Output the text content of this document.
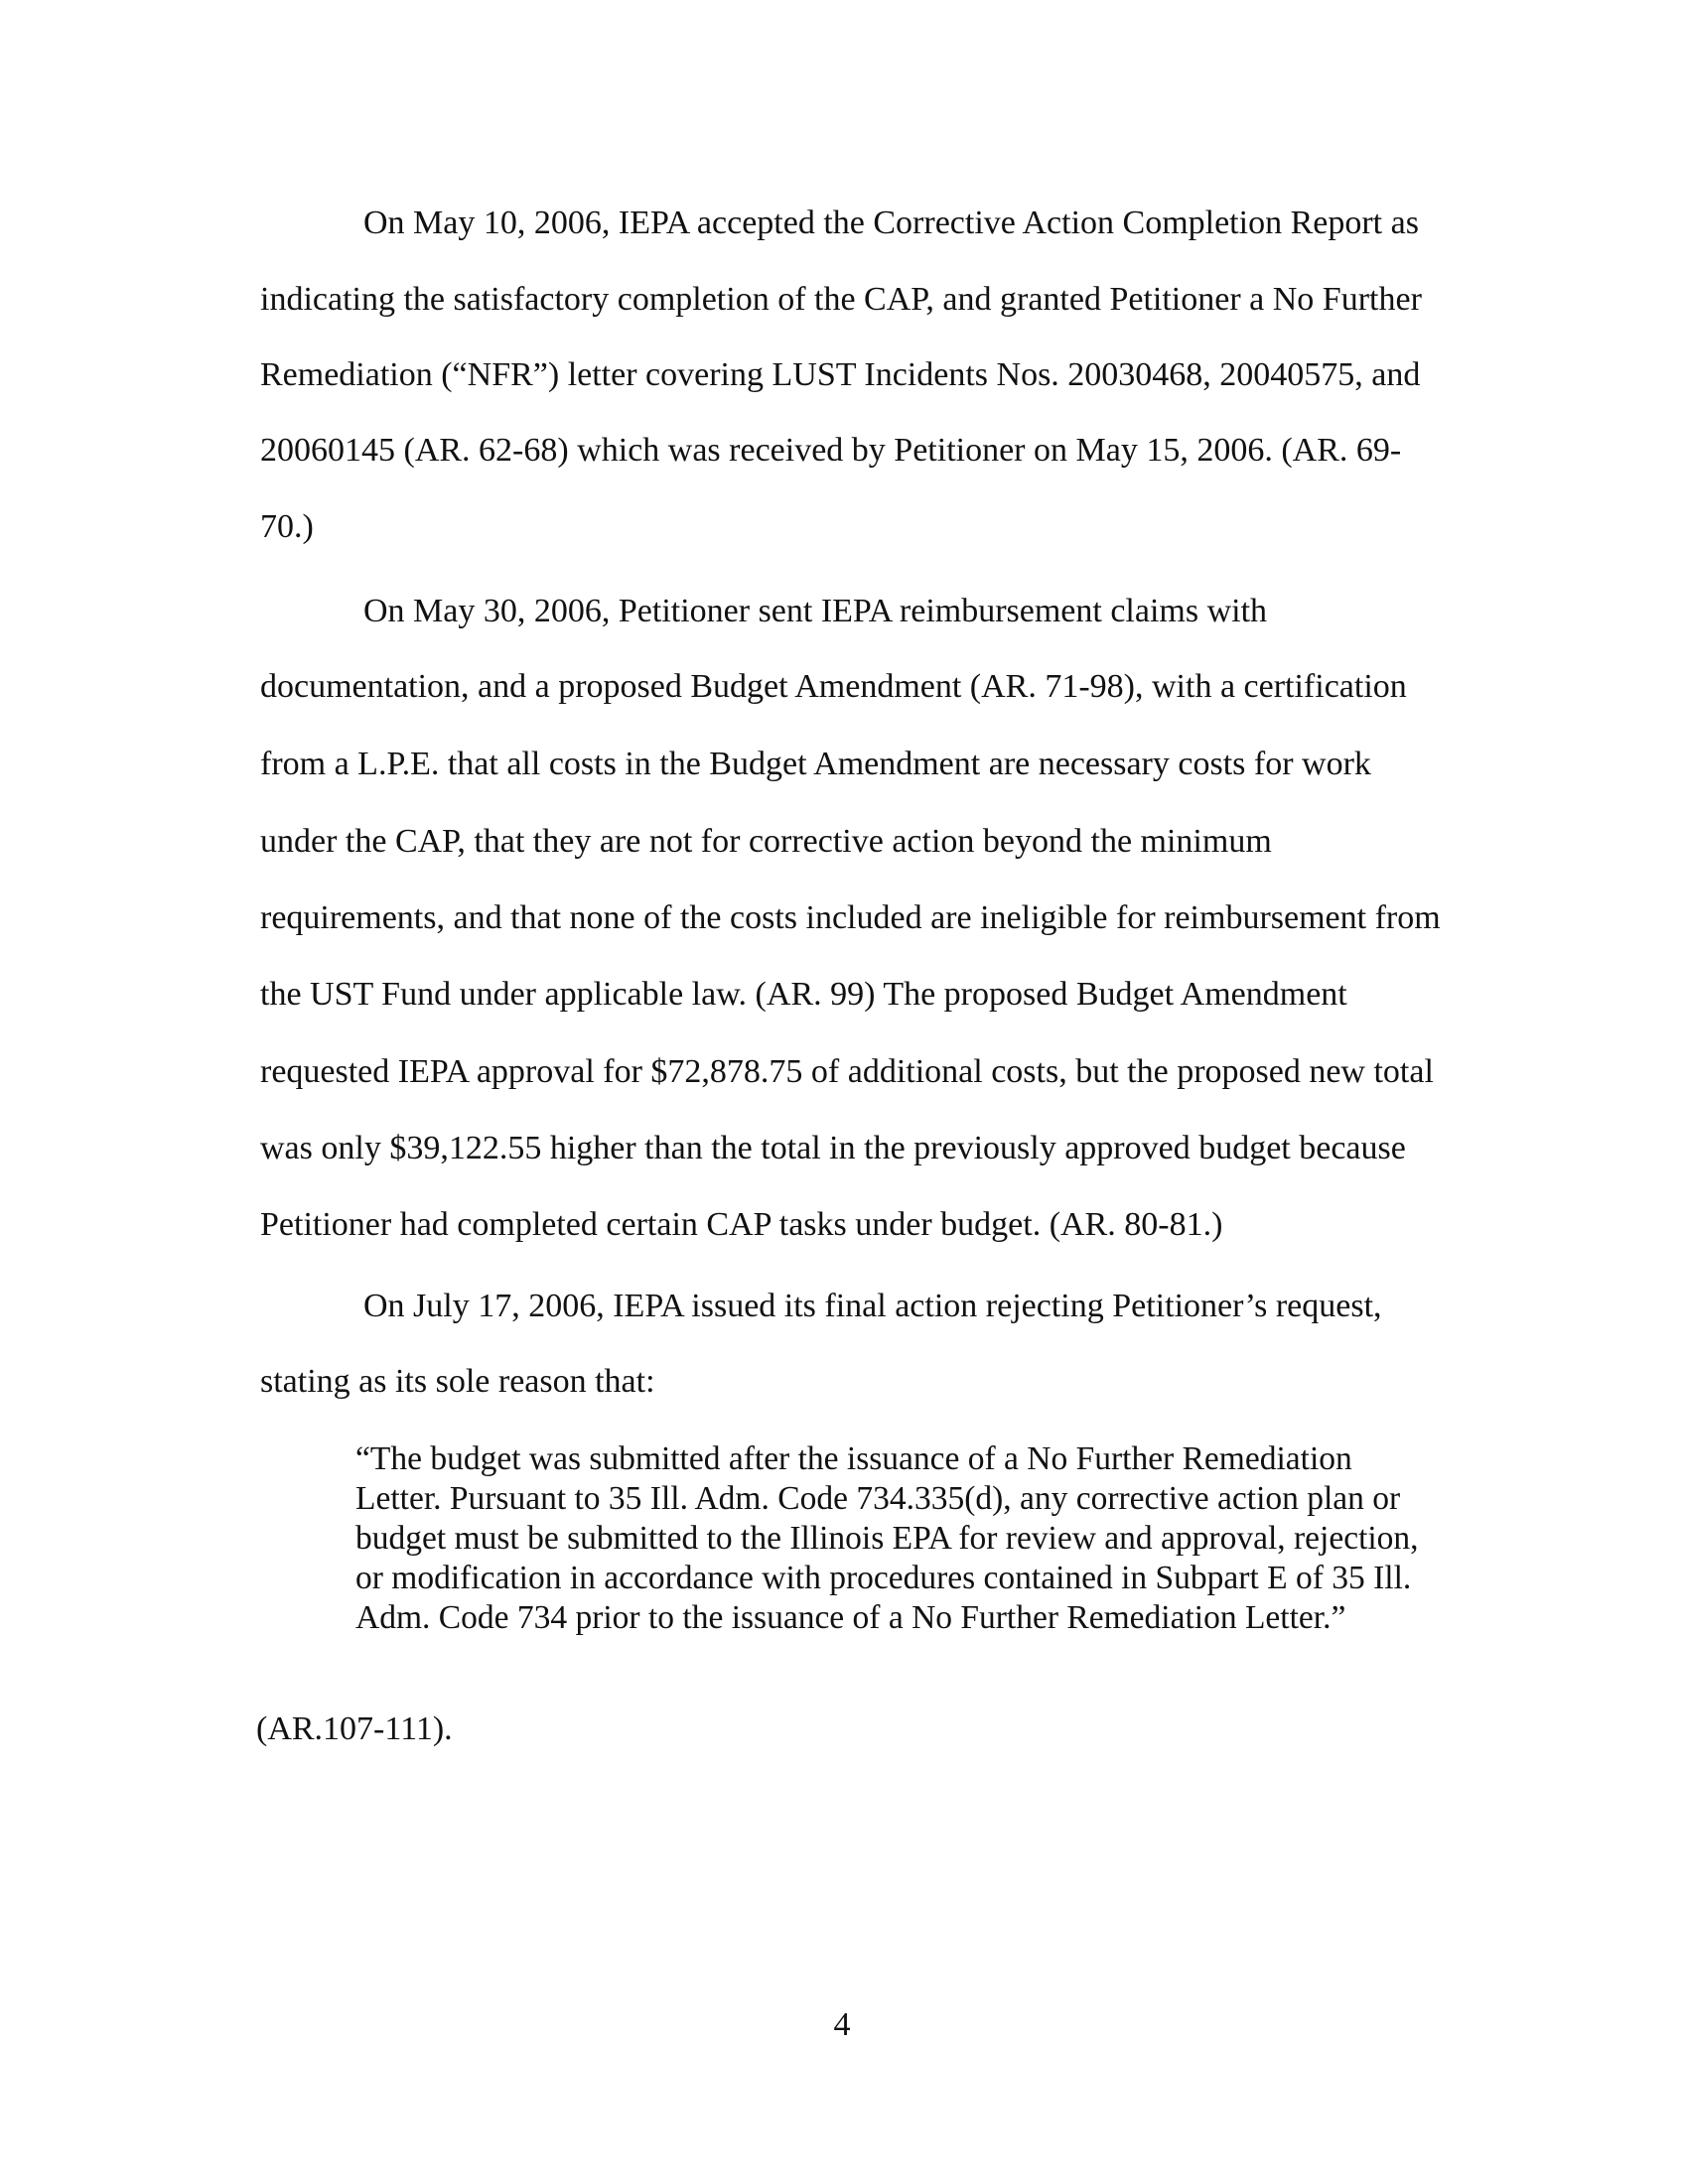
On May 10, 2006, IEPA accepted the Corrective Action Completion Report as

indicating the satisfactory completion of the CAP, and granted Petitioner a No Further

Remediation (“NFR”) letter covering LUST Incidents Nos. 20030468, 20040575, and

20060145 (AR. 62-68) which was received by Petitioner on May 15, 2006. (AR. 69-

70.)

On May 30, 2006, Petitioner sent IEPA reimbursement claims with

documentation, and a proposed Budget Amendment (AR. 71-98), with a certification

from a L.P.E. that all costs in the Budget Amendment are necessary costs for work

under the CAP, that they are not for corrective action beyond the minimum

requirements, and that none of the costs included are ineligible for reimbursement from

the UST Fund under applicable law. (AR. 99) The proposed Budget Amendment

requested IEPA approval for $72,878.75 of additional costs, but the proposed new total

was only $39,122.55 higher than the total in the previously approved budget because

Petitioner had completed certain CAP tasks under budget. (AR. 80-81.)

On July 17, 2006, IEPA issued its final action rejecting Petitioner’s request,

stating as its sole reason that:

“The budget was submitted after the issuance of a No Further Remediation

Letter. Pursuant to 35 Ill. Adm. Code 734.335(d), any corrective action plan or

budget must be submitted to the Illinois EPA for review and approval, rejection,

or modification in accordance with procedures contained in Subpart E of 35 Ill.

Adm. Code 734 prior to the issuance of a No Further Remediation Letter.”

(AR.107-111).

4
